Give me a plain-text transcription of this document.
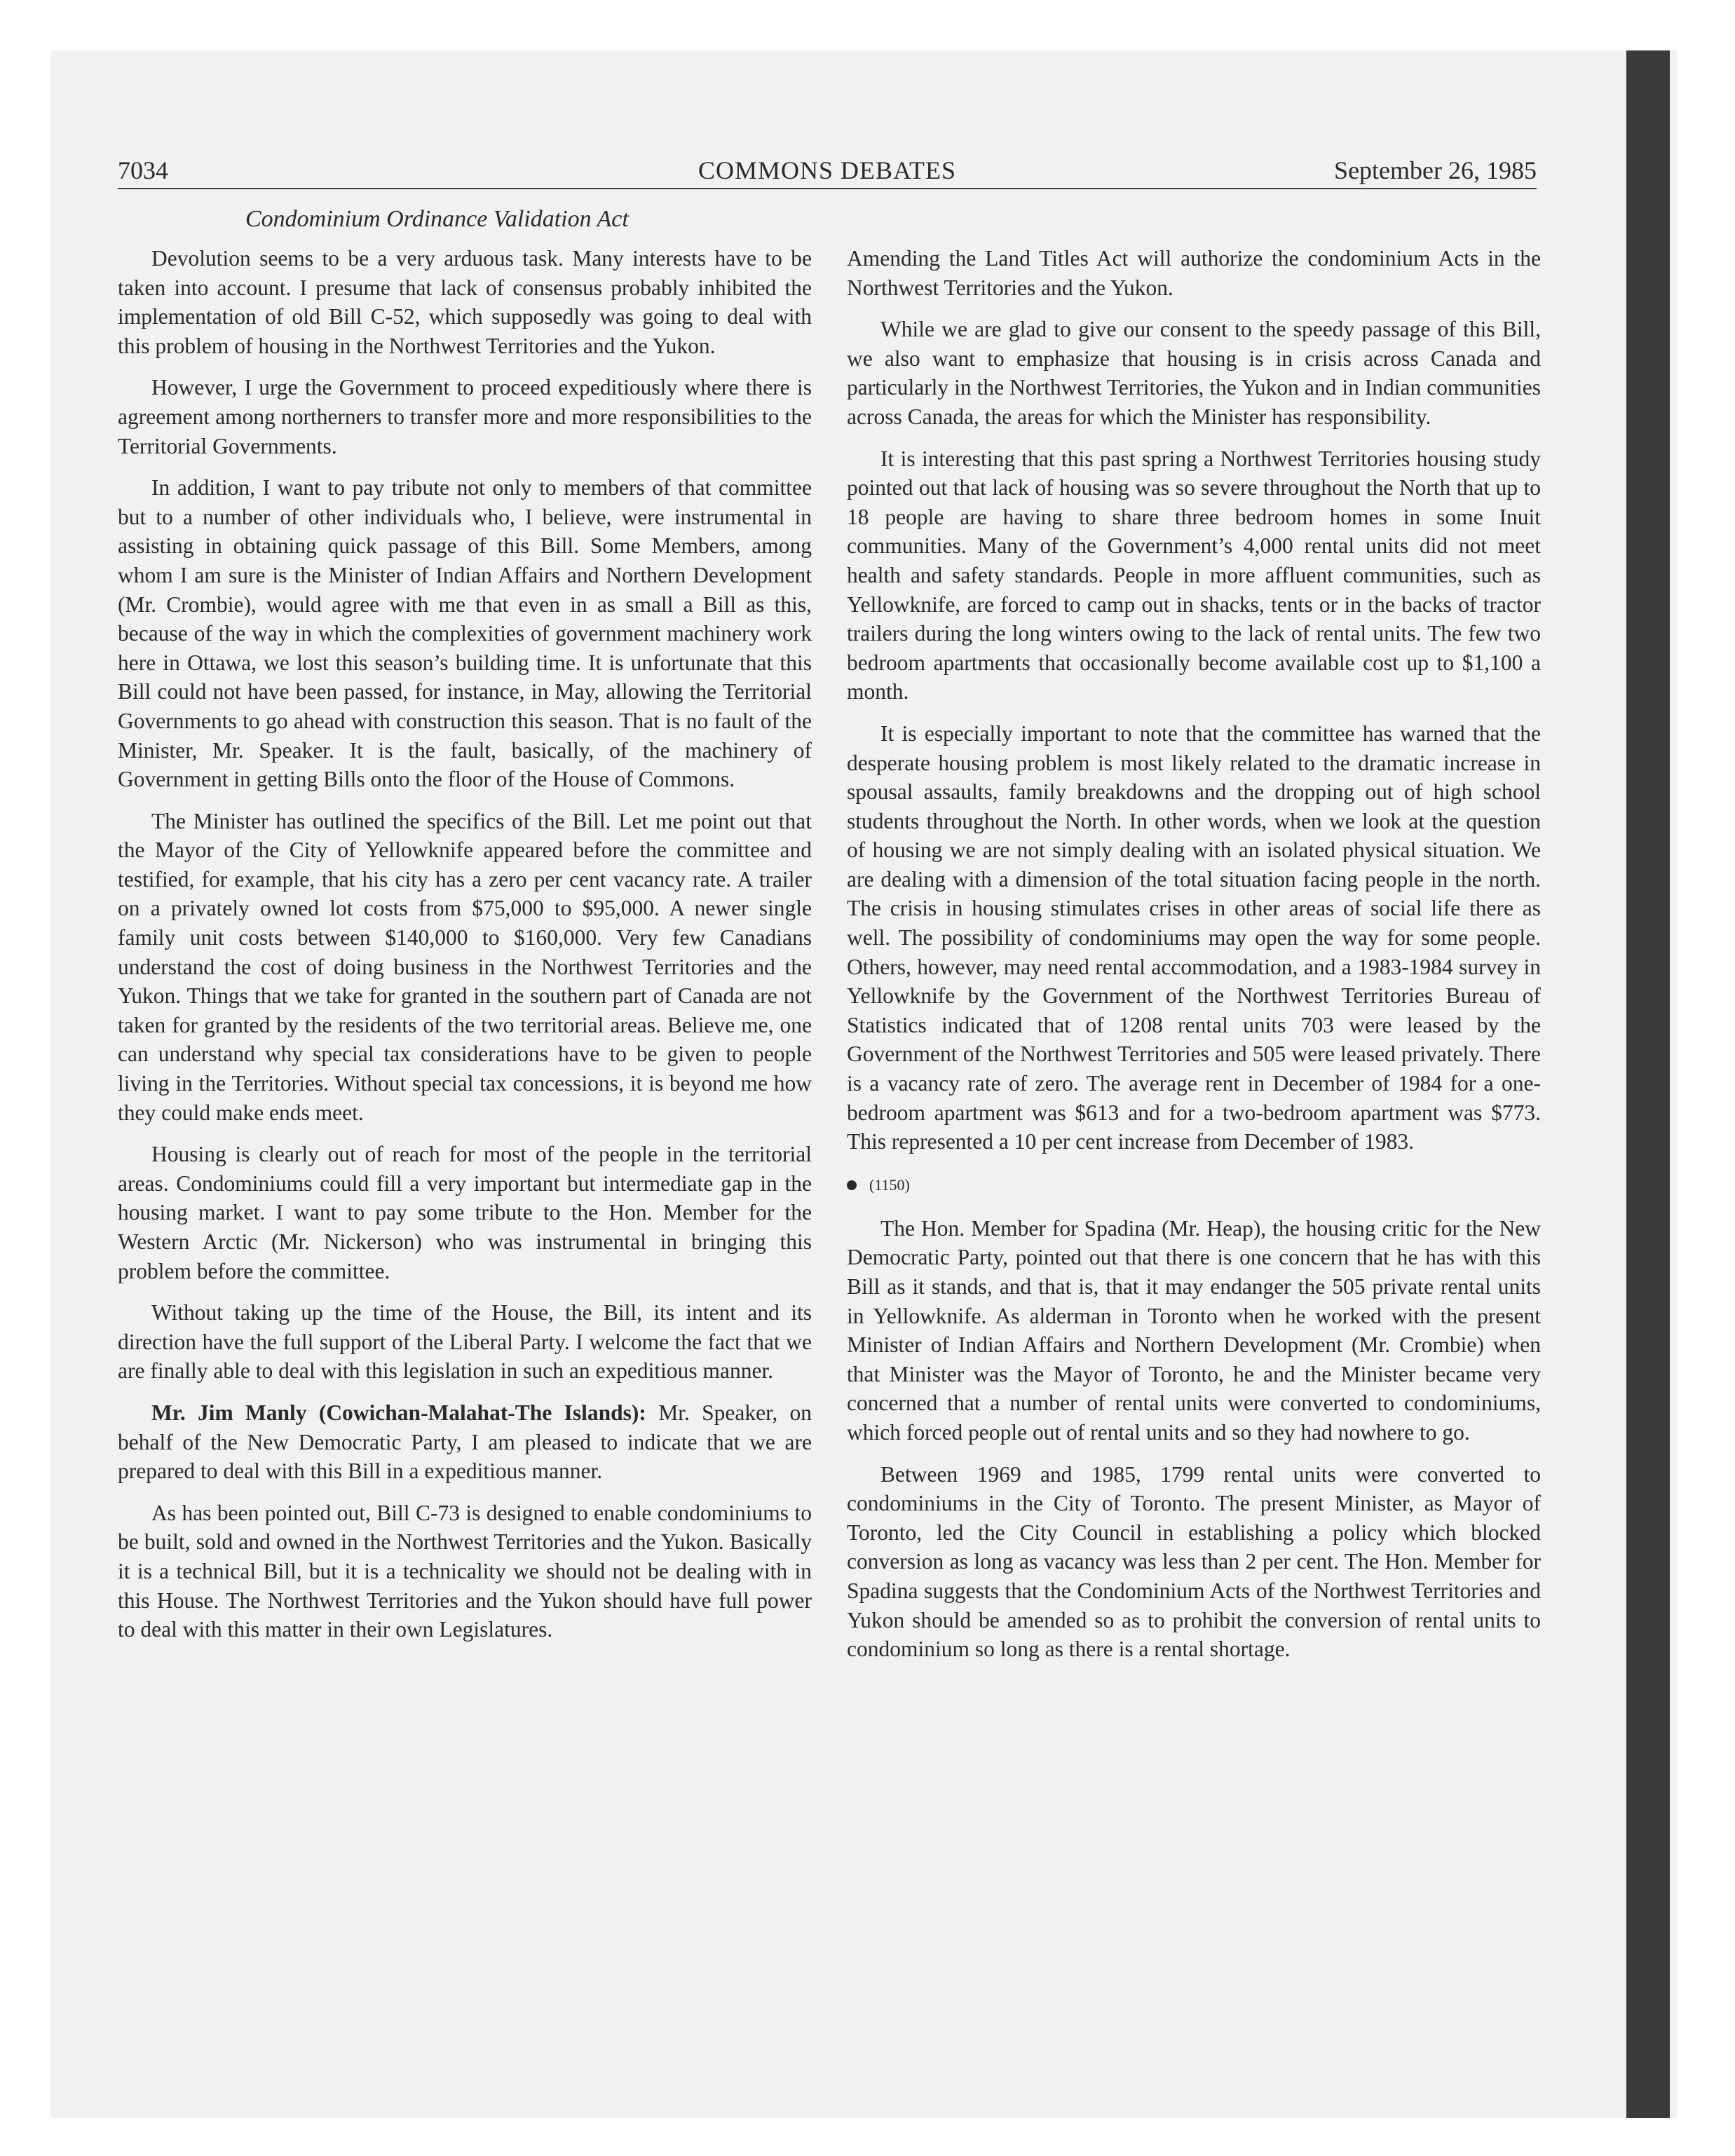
7034	COMMONS DEBATES	September 26, 1985
Condominium Ordinance Validation Act

Devolution seems to be a very arduous task. Many interests have to be taken into account. I presume that lack of consensus probably inhibited the implementation of old Bill C-52, which supposedly was going to deal with this problem of housing in the Northwest Territories and the Yukon.

However, I urge the Government to proceed expeditiously where there is agreement among northerners to transfer more and more responsibilities to the Territorial Governments.

In addition, I want to pay tribute not only to members of that committee but to a number of other individuals who, I believe, were instrumental in assisting in obtaining quick passage of this Bill. Some Members, among whom I am sure is the Minister of Indian Affairs and Northern Development (Mr. Crombie), would agree with me that even in as small a Bill as this, because of the way in which the complexities of government machinery work here in Ottawa, we lost this season’s building time. It is unfortunate that this Bill could not have been passed, for instance, in May, allowing the Territorial Governments to go ahead with construction this season. That is no fault of the Minister, Mr. Speaker. It is the fault, basically, of the machinery of Government in getting Bills onto the floor of the House of Commons.

The Minister has outlined the specifics of the Bill. Let me point out that the Mayor of the City of Yellowknife appeared before the committee and testified, for example, that his city has a zero per cent vacancy rate. A trailer on a privately owned lot costs from $75,000 to $95,000. A newer single family unit costs between $140,000 to $160,000. Very few Canadians understand the cost of doing business in the Northwest Territories and the Yukon. Things that we take for granted in the southern part of Canada are not taken for granted by the residents of the two territorial areas. Believe me, one can understand why special tax considerations have to be given to people living in the Territories. Without special tax concessions, it is beyond me how they could make ends meet.

Housing is clearly out of reach for most of the people in the territorial areas. Condominiums could fill a very important but intermediate gap in the housing market. I want to pay some tribute to the Hon. Member for the Western Arctic (Mr. Nickerson) who was instrumental in bringing this problem before the committee.

Without taking up the time of the House, the Bill, its intent and its direction have the full support of the Liberal Party. I welcome the fact that we are finally able to deal with this legislation in such an expeditious manner.

Mr. Jim Manly (Cowichan-Malahat-The Islands): Mr. Speaker, on behalf of the New Democratic Party, I am pleased to indicate that we are prepared to deal with this Bill in a expeditious manner.

As has been pointed out, Bill C-73 is designed to enable condominiums to be built, sold and owned in the Northwest Territories and the Yukon. Basically it is a technical Bill, but it is a technicality we should not be dealing with in this House. The Northwest Territories and the Yukon should have full power to deal with this matter in their own Legislatures.

Amending the Land Titles Act will authorize the condominium Acts in the Northwest Territories and the Yukon.

While we are glad to give our consent to the speedy passage of this Bill, we also want to emphasize that housing is in crisis across Canada and particularly in the Northwest Territories, the Yukon and in Indian communities across Canada, the areas for which the Minister has responsibility.

It is interesting that this past spring a Northwest Territories housing study pointed out that lack of housing was so severe throughout the North that up to 18 people are having to share three bedroom homes in some Inuit communities. Many of the Government’s 4,000 rental units did not meet health and safety standards. People in more affluent communities, such as Yellowknife, are forced to camp out in shacks, tents or in the backs of tractor trailers during the long winters owing to the lack of rental units. The few two bedroom apartments that occasionally become available cost up to $1,100 a month.

It is especially important to note that the committee has warned that the desperate housing problem is most likely related to the dramatic increase in spousal assaults, family breakdowns and the dropping out of high school students throughout the North. In other words, when we look at the question of housing we are not simply dealing with an isolated physical situation. We are dealing with a dimension of the total situation facing people in the north. The crisis in housing stimulates crises in other areas of social life there as well. The possibility of condominiums may open the way for some people. Others, however, may need rental accommodation, and a 1983-1984 survey in Yellowknife by the Government of the Northwest Territories Bureau of Statistics indicated that of 1208 rental units 703 were leased by the Government of the Northwest Territories and 505 were leased privately. There is a vacancy rate of zero. The average rent in December of 1984 for a one-bedroom apartment was $613 and for a two-bedroom apartment was $773. This represented a 10 per cent increase from December of 1983.

(1150)

The Hon. Member for Spadina (Mr. Heap), the housing critic for the New Democratic Party, pointed out that there is one concern that he has with this Bill as it stands, and that is, that it may endanger the 505 private rental units in Yellowknife. As alderman in Toronto when he worked with the present Minister of Indian Affairs and Northern Development (Mr. Crombie) when that Minister was the Mayor of Toronto, he and the Minister became very concerned that a number of rental units were converted to condominiums, which forced people out of rental units and so they had nowhere to go.

Between 1969 and 1985, 1799 rental units were converted to condominiums in the City of Toronto. The present Minister, as Mayor of Toronto, led the City Council in establishing a policy which blocked conversion as long as vacancy was less than 2 per cent. The Hon. Member for Spadina suggests that the Condominium Acts of the Northwest Territories and Yukon should be amended so as to prohibit the conversion of rental units to condominium so long as there is a rental shortage.
